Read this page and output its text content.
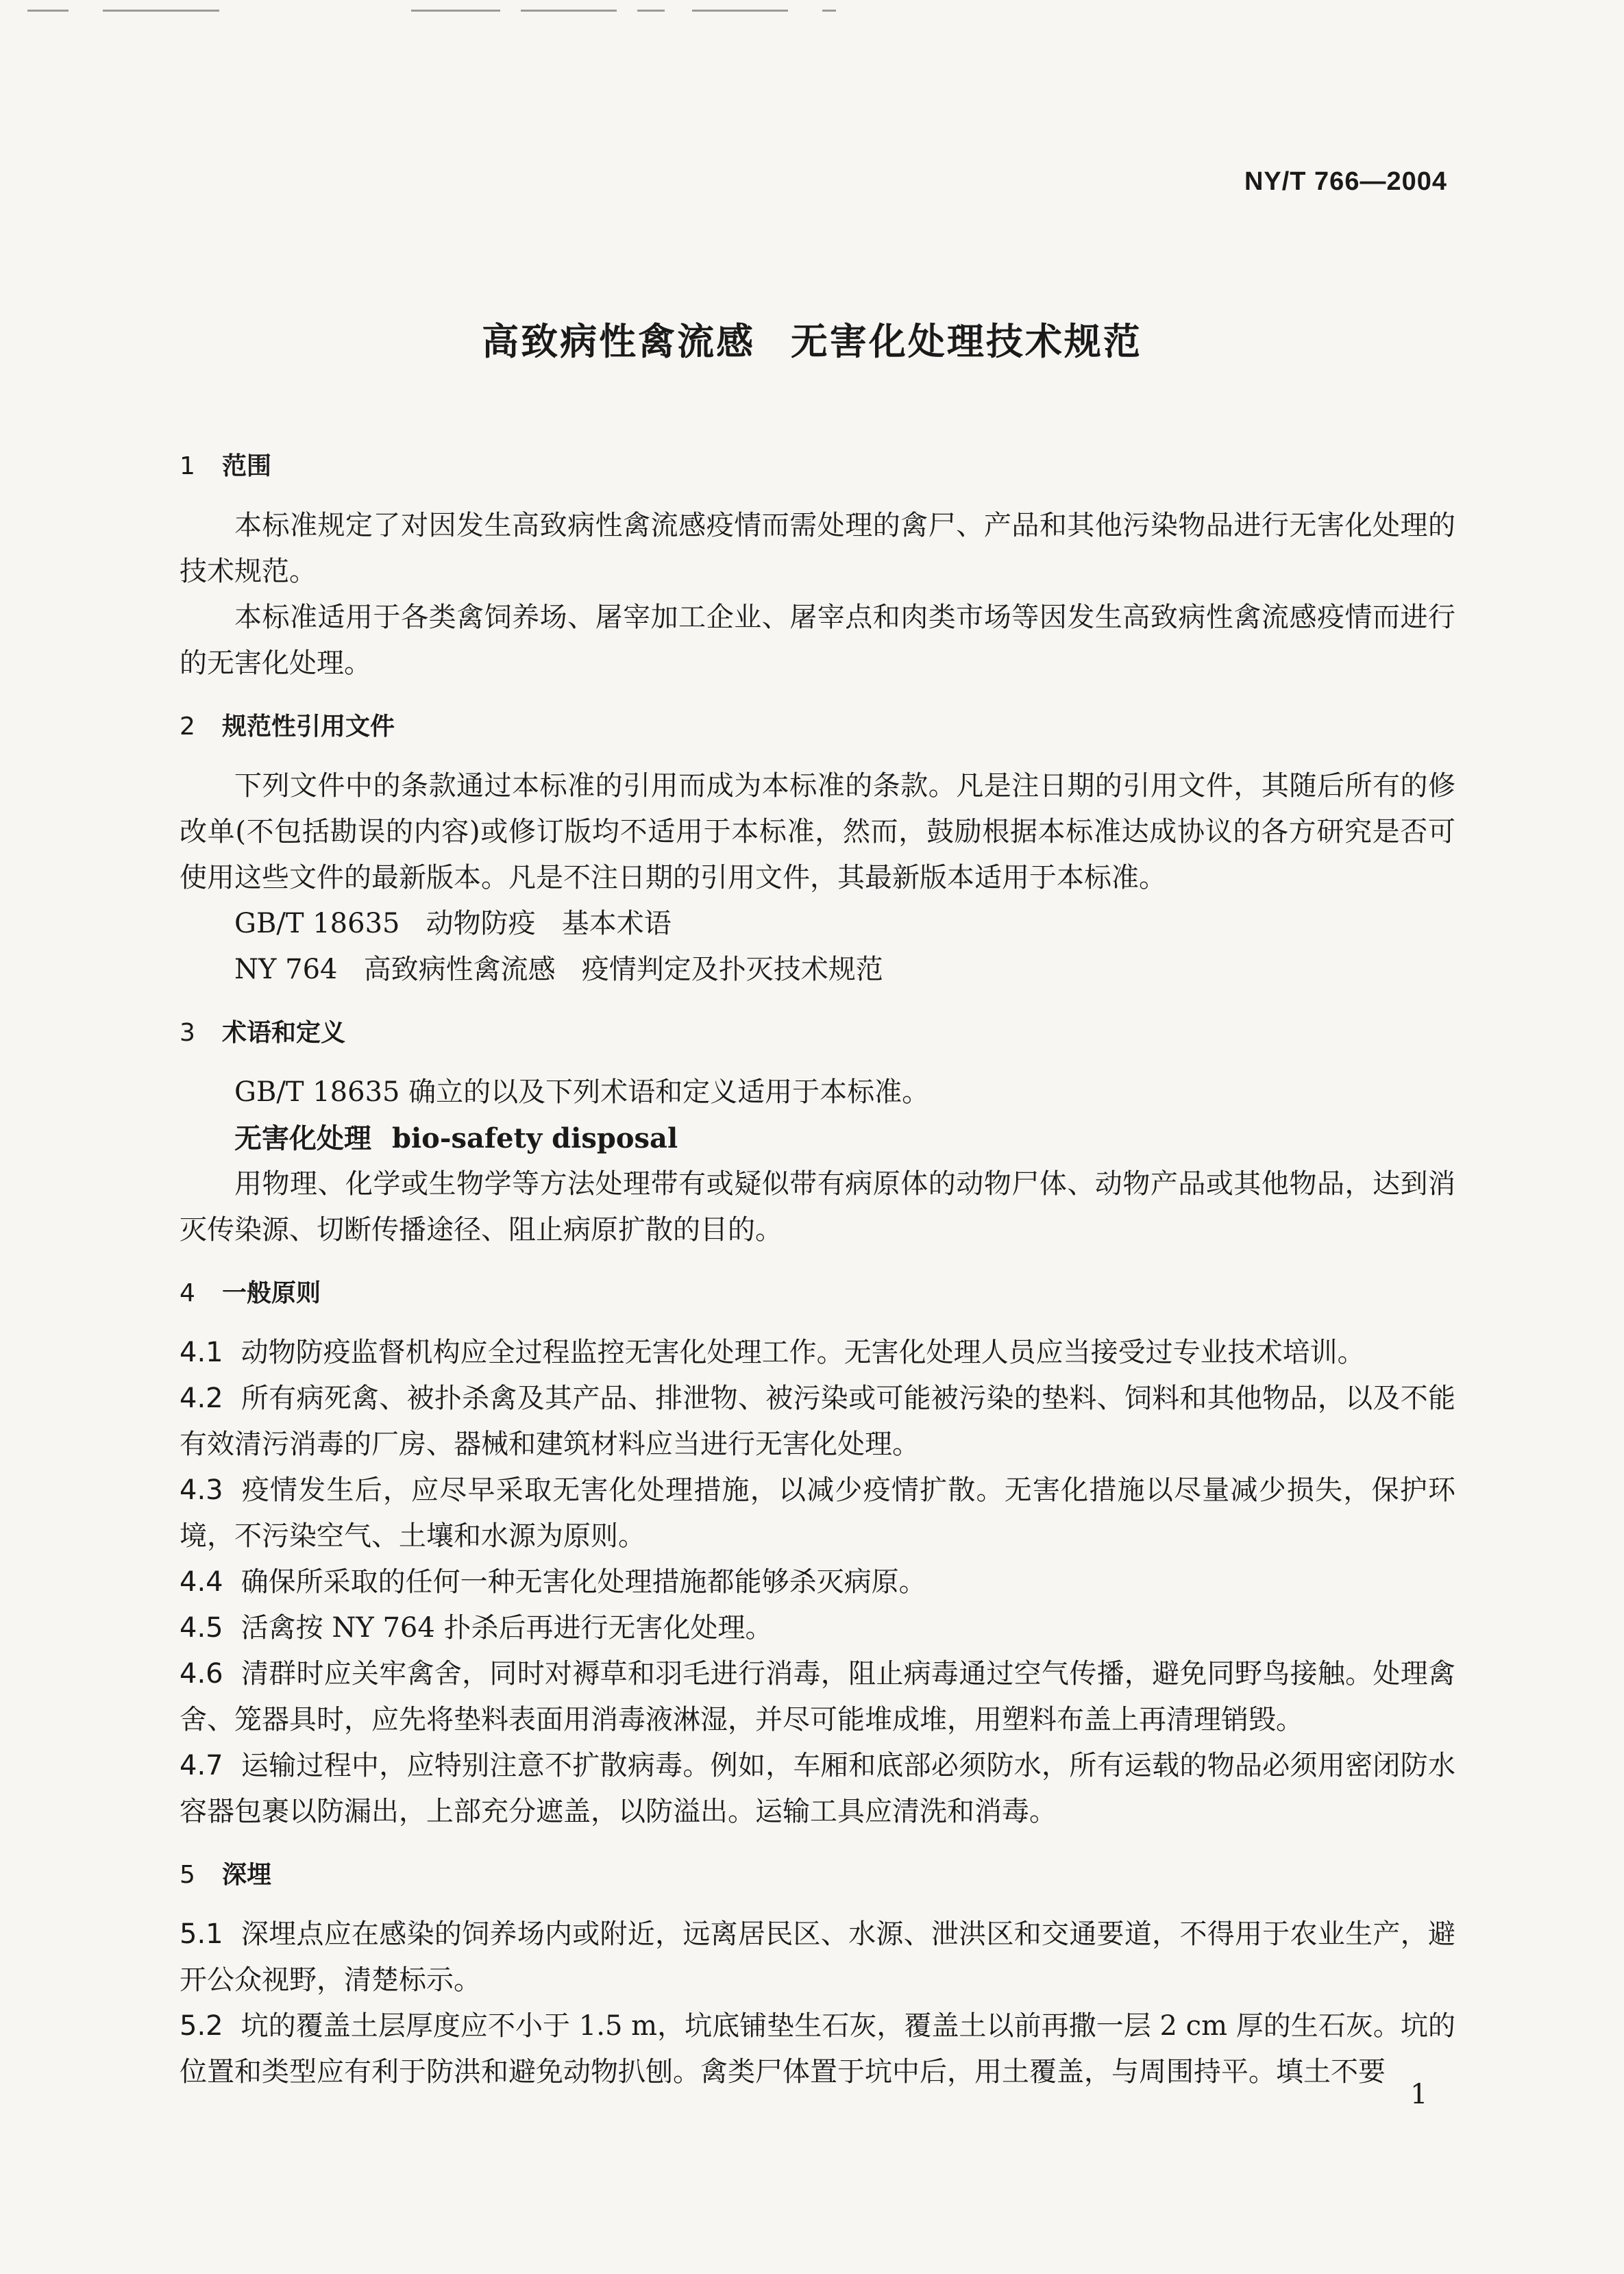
NY/T 766—2004
高致病性禽流感 无害化处理技术规范
1 范围
本标准规定了对因发生高致病性禽流感疫情而需处理的禽尸、产品和其他污染物品进行无害化处理的技术规范。
本标准适用于各类禽饲养场、屠宰加工企业、屠宰点和肉类市场等因发生高致病性禽流感疫情而进行的无害化处理。
2 规范性引用文件
下列文件中的条款通过本标准的引用而成为本标准的条款。凡是注日期的引用文件，其随后所有的修改单(不包括勘误的内容)或修订版均不适用于本标准，然而，鼓励根据本标准达成协议的各方研究是否可使用这些文件的最新版本。凡是不注日期的引用文件，其最新版本适用于本标准。
GB/T 18635   动物防疫   基本术语
NY 764   高致病性禽流感   疫情判定及扑灭技术规范
3 术语和定义
GB/T 18635 确立的以及下列术语和定义适用于本标准。
无害化处理 bio-safety disposal
用物理、化学或生物学等方法处理带有或疑似带有病原体的动物尸体、动物产品或其他物品，达到消灭传染源、切断传播途径、阻止病原扩散的目的。
4 一般原则
4.1 动物防疫监督机构应全过程监控无害化处理工作。无害化处理人员应当接受过专业技术培训。
4.2 所有病死禽、被扑杀禽及其产品、排泄物、被污染或可能被污染的垫料、饲料和其他物品，以及不能有效清污消毒的厂房、器械和建筑材料应当进行无害化处理。
4.3 疫情发生后，应尽早采取无害化处理措施，以减少疫情扩散。无害化措施以尽量减少损失，保护环境，不污染空气、土壤和水源为原则。
4.4 确保所采取的任何一种无害化处理措施都能够杀灭病原。
4.5 活禽按 NY 764 扑杀后再进行无害化处理。
4.6 清群时应关牢禽舍，同时对褥草和羽毛进行消毒，阻止病毒通过空气传播，避免同野鸟接触。处理禽舍、笼器具时，应先将垫料表面用消毒液淋湿，并尽可能堆成堆，用塑料布盖上再清理销毁。
4.7 运输过程中，应特别注意不扩散病毒。例如，车厢和底部必须防水，所有运载的物品必须用密闭防水容器包裹以防漏出，上部充分遮盖，以防溢出。运输工具应清洗和消毒。
5 深埋
5.1 深埋点应在感染的饲养场内或附近，远离居民区、水源、泄洪区和交通要道，不得用于农业生产，避开公众视野，清楚标示。
5.2 坑的覆盖土层厚度应不小于 1.5 m，坑底铺垫生石灰，覆盖土以前再撒一层 2 cm 厚的生石灰。坑的位置和类型应有利于防洪和避免动物扒刨。禽类尸体置于坑中后，用土覆盖，与周围持平。填土不要
1
